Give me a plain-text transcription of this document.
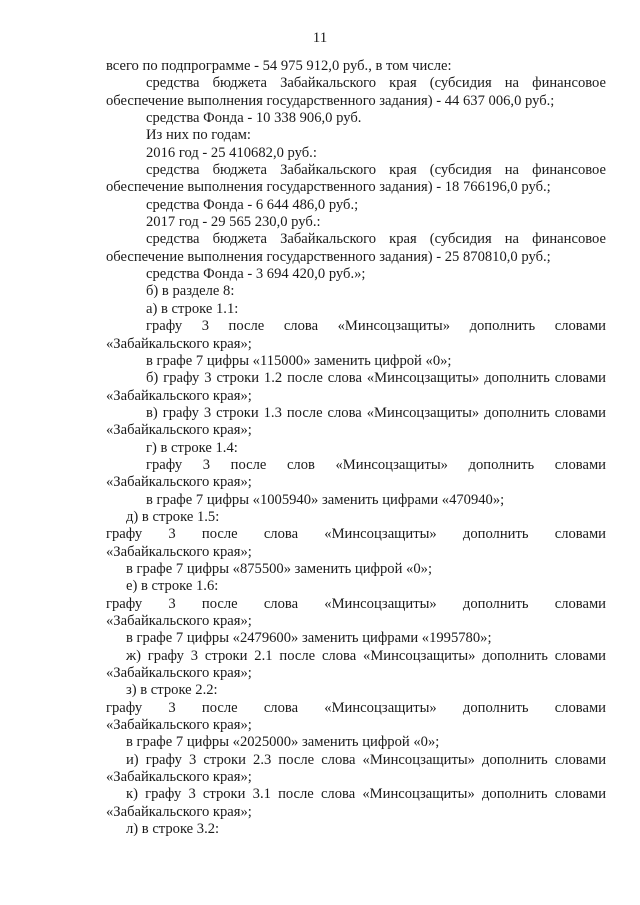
11

всего по подпрограмме - 54 975 912,0 руб., в том числе:

средства бюджета Забайкальского края (субсидия на финансовое

обеспечение выполнения государственного задания) - 44 637 006,0 руб.;

средства Фонда - 10 338 906,0 руб.

Из них по годам:

2016 год - 25 410682,0 руб.:

средства бюджета Забайкальского края (субсидия на финансовое

обеспечение выполнения государственного задания) - 18 766196,0 руб.;

средства Фонда - 6 644 486,0 руб.;

2017 год - 29 565 230,0 руб.:

средства бюджета Забайкальского края (субсидия на финансовое

обеспечение выполнения государственного задания) - 25 870810,0 руб.;

средства Фонда - 3 694 420,0 руб.»;

б) в разделе 8:

а) в строке 1.1:

графу 3 после слова «Минсоцзащиты» дополнить словами

«Забайкальского края»;

в графе 7 цифры «115000» заменить цифрой «0»;

б) графу 3 строки 1.2 после слова «Минсоцзащиты» дополнить словами

«Забайкальского края»;

в) графу 3 строки 1.3 после слова «Минсоцзащиты» дополнить словами

«Забайкальского края»;

г) в строке 1.4:

графу 3 после слов «Минсоцзащиты» дополнить словами

«Забайкальского края»;

в графе 7 цифры «1005940» заменить цифрами «470940»;

д) в строке 1.5:

графу 3 после слова «Минсоцзащиты» дополнить словами

«Забайкальского края»;

в графе 7 цифры «875500» заменить цифрой «0»;

е) в строке 1.6:

графу 3 после слова «Минсоцзащиты» дополнить словами

«Забайкальского края»;

в графе 7 цифры «2479600» заменить цифрами «1995780»;

ж) графу 3 строки 2.1 после слова «Минсоцзащиты» дополнить словами

«Забайкальского края»;

з) в строке 2.2:

графу 3 после слова «Минсоцзащиты» дополнить словами

«Забайкальского края»;

в графе 7 цифры «2025000» заменить цифрой «0»;

и) графу 3 строки 2.3 после слова «Минсоцзащиты» дополнить словами

«Забайкальского края»;

к) графу 3 строки 3.1 после слова «Минсоцзащиты» дополнить словами

«Забайкальского края»;

л) в строке 3.2:
